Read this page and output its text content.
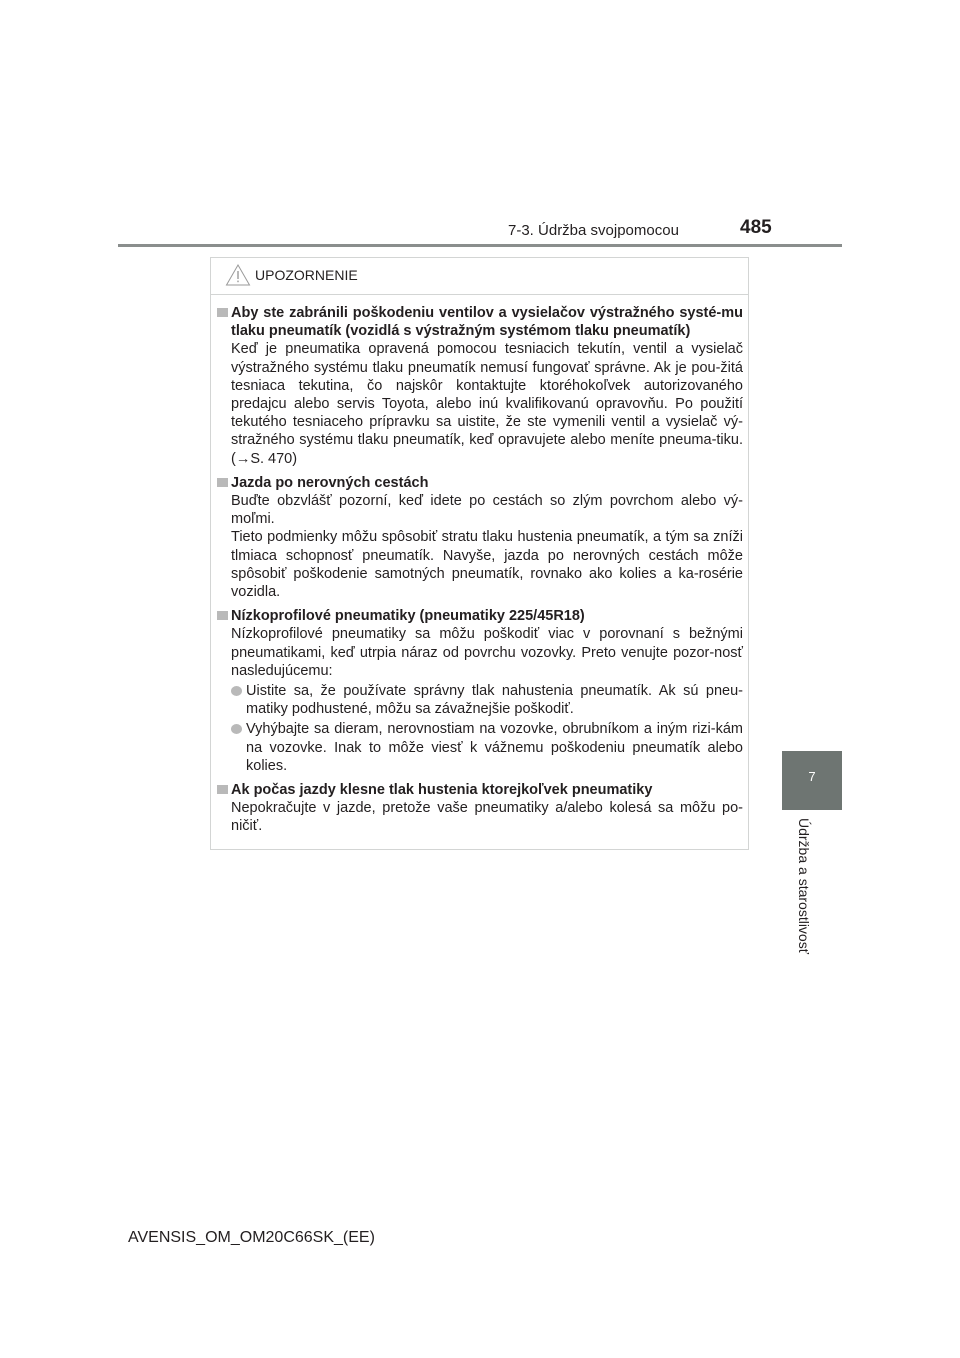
7-3. Údržba svojpomocou	485
7
Údržba a starostlivosť
UPOZORNENIE
Aby ste zabránili poškodeniu ventilov a vysielačov výstražného systé-mu tlaku pneumatík (vozidlá s výstražným systémom tlaku pneumatík)
Keď je pneumatika opravená pomocou tesniacich tekutín, ventil a vysielač výstražného systému tlaku pneumatík nemusí fungovať správne. Ak je pou-žitá tesniaca tekutina, čo najskôr kontaktujte ktoréhokoľvek autorizovaného predajcu alebo servis Toyota, alebo inú kvalifikovanú opravovňu. Po použití tekutého tesniaceho prípravku sa uistite, že ste vymenili ventil a vysielač vý-stražného systému tlaku pneumatík, keď opravujete alebo meníte pneuma-tiku. (→S. 470)
Jazda po nerovných cestách
Buďte obzvlášť pozorní, keď idete po cestách so zlým povrchom alebo vý-moľmi.
Tieto podmienky môžu spôsobiť stratu tlaku hustenia pneumatík, a tým sa zníži tlmiaca schopnosť pneumatík. Navyše, jazda po nerovných cestách môže spôsobiť poškodenie samotných pneumatík, rovnako ako kolies a ka-rosérie vozidla.
Nízkoprofilové pneumatiky (pneumatiky 225/45R18)
Nízkoprofilové pneumatiky sa môžu poškodiť viac v porovnaní s bežnými pneumatikami, keď utrpia náraz od povrchu vozovky. Preto venujte pozor-nosť nasledujúcemu:
Uistite sa, že používate správny tlak nahustenia pneumatík. Ak sú pneu-matiky podhustené, môžu sa závažnejšie poškodiť.
Vyhýbajte sa dieram, nerovnostiam na vozovke, obrubníkom a iným rizi-kám na vozovke. Inak to môže viesť k vážnemu poškodeniu pneumatík alebo kolies.
Ak počas jazdy klesne tlak hustenia ktorejkoľvek pneumatiky
Nepokračujte v jazde, pretože vaše pneumatiky a/alebo kolesá sa môžu po-ničiť.
AVENSIS_OM_OM20C66SK_(EE)
